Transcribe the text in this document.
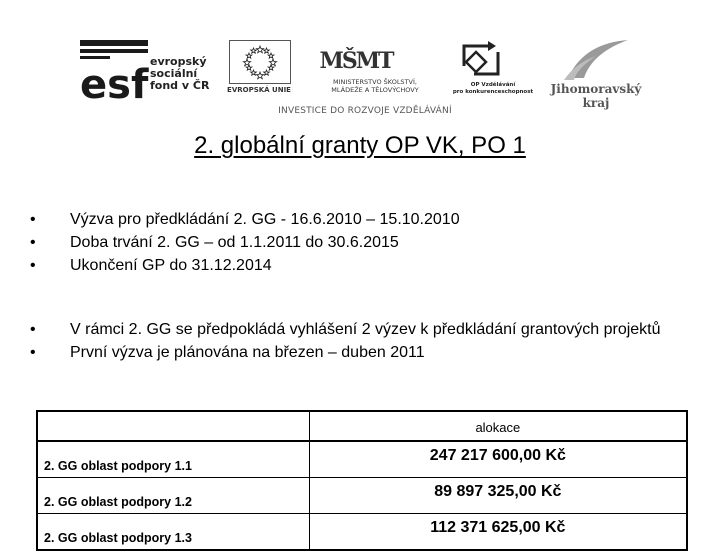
esf
evropský
sociální
fond v ČR	EVROPSKÁ UNIE
MŠMT
MINISTERSTVO ŠKOLSTVÍ,
MLÁDEŽE A TĚLOVÝCHOVY
OP Vzdělávání
pro konkurenceschopnost	Jihomoravský kraj
INVESTICE DO ROZVOJE VZDĚLÁVÁNÍ
2. globální granty OP VK, PO 1
• Výzva pro předkládání 2. GG - 16.6.2010 – 15.10.2010
• Doba trvání 2. GG – od 1.1.2011 do 30.6.2015
• Ukončení GP do 31.12.2014
• V rámci 2. GG se předpokládá vyhlášení 2 výzev k předkládání grantových projektů
• První výzva je plánována na březen – duben 2011
	alokace
2. GG oblast podpory 1.1	247 217 600,00 Kč
2. GG oblast podpory 1.2	89 897 325,00 Kč
2. GG oblast podpory 1.3	112 371 625,00 Kč
